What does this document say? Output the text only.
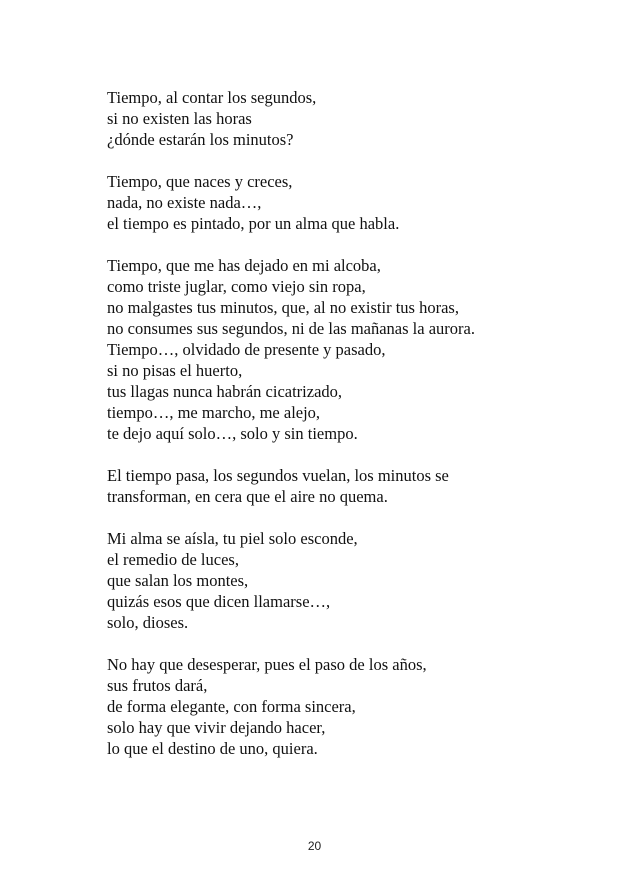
Tiempo, al contar los segundos,
si no existen las horas
¿dónde estarán los minutos?
Tiempo, que naces y creces,
nada, no existe nada…,
el tiempo es pintado, por un alma que habla.
Tiempo, que me has dejado en mi alcoba,
como triste juglar, como viejo sin ropa,
no malgastes tus minutos, que, al no existir tus horas,
no consumes sus segundos, ni de las mañanas la aurora.
Tiempo…, olvidado de presente y pasado,
si no pisas el huerto,
tus llagas nunca habrán cicatrizado,
tiempo…, me marcho, me alejo,
te dejo aquí solo…, solo y sin tiempo.
El tiempo pasa, los segundos vuelan, los minutos se
transforman, en cera que el aire no quema.
Mi alma se aísla, tu piel solo esconde,
el remedio de luces,
que salan los montes,
quizás esos que dicen llamarse…,
solo, dioses.
No hay que desesperar, pues el paso de los años,
sus frutos dará,
de forma elegante, con forma sincera,
solo hay que vivir dejando hacer,
lo que el destino de uno, quiera.
20
